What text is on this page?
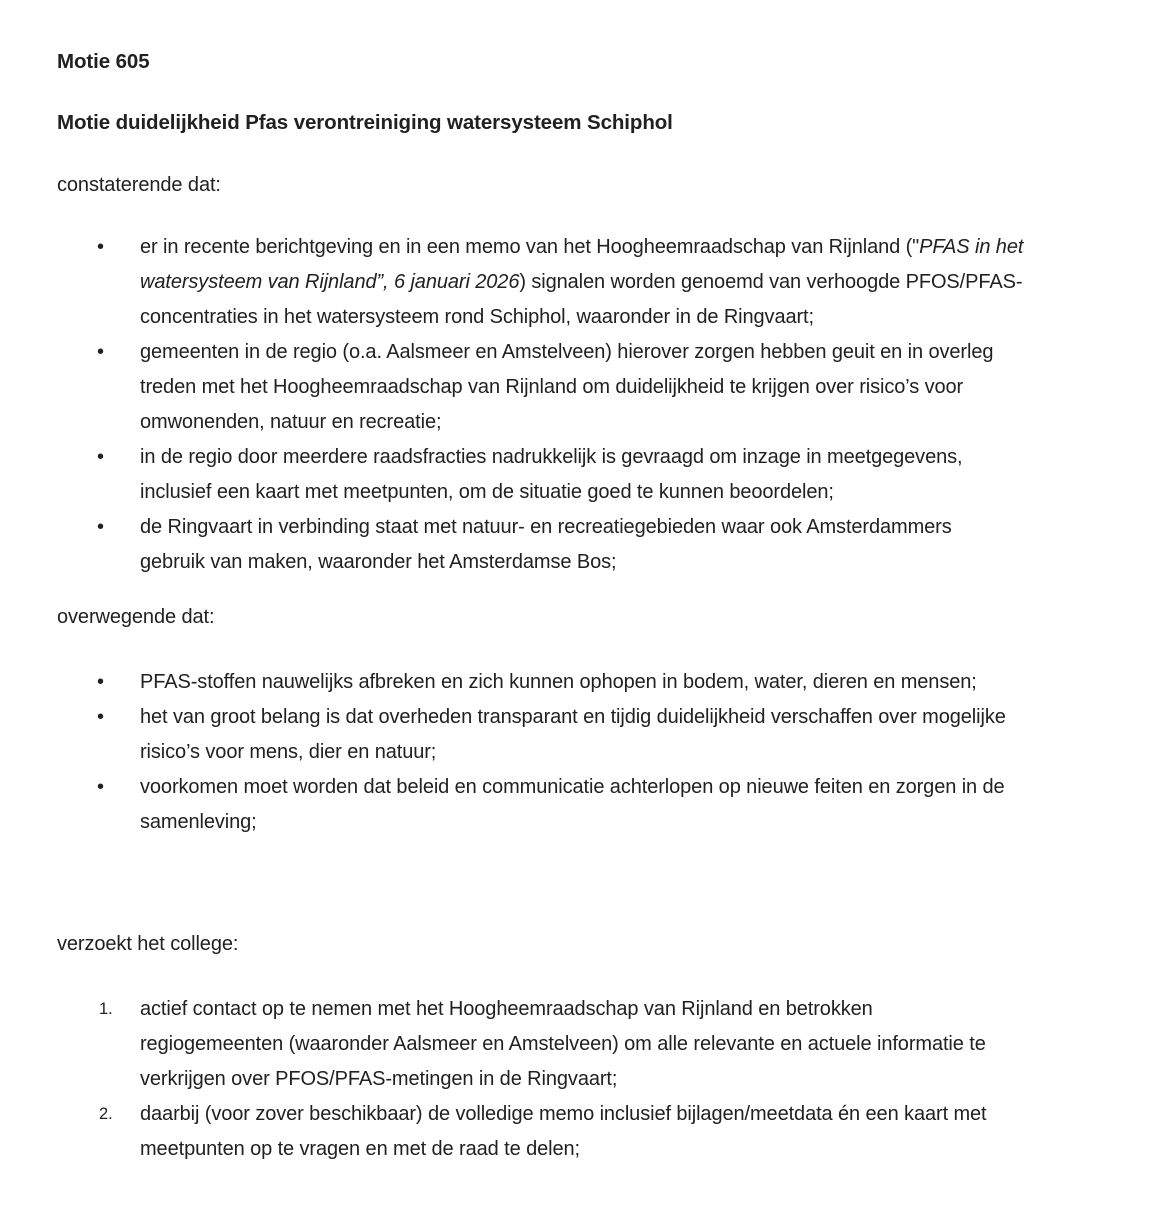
Motie 605
Motie duidelijkheid Pfas verontreiniging watersysteem Schiphol

constaterende dat:

• er in recente berichtgeving en in een memo van het Hoogheemraadschap van Rijnland ("PFAS in het
watersysteem van Rijnland”, 6 januari 2026) signalen worden genoemd van verhoogde PFOS/PFAS-
concentraties in het watersysteem rond Schiphol, waaronder in de Ringvaart;
• gemeenten in de regio (o.a. Aalsmeer en Amstelveen) hierover zorgen hebben geuit en in overleg
treden met het Hoogheemraadschap van Rijnland om duidelijkheid te krijgen over risico’s voor
omwonenden, natuur en recreatie;
• in de regio door meerdere raadsfracties nadrukkelijk is gevraagd om inzage in meetgegevens,
inclusief een kaart met meetpunten, om de situatie goed te kunnen beoordelen;
• de Ringvaart in verbinding staat met natuur- en recreatiegebieden waar ook Amsterdammers
gebruik van maken, waaronder het Amsterdamse Bos;

overwegende dat:

• PFAS-stoffen nauwelijks afbreken en zich kunnen ophopen in bodem, water, dieren en mensen;
• het van groot belang is dat overheden transparant en tijdig duidelijkheid verschaffen over mogelijke
risico’s voor mens, dier en natuur;
• voorkomen moet worden dat beleid en communicatie achterlopen op nieuwe feiten en zorgen in de
samenleving;

verzoekt het college:

1. actief contact op te nemen met het Hoogheemraadschap van Rijnland en betrokken
regiogemeenten (waaronder Aalsmeer en Amstelveen) om alle relevante en actuele informatie te
verkrijgen over PFOS/PFAS-metingen in de Ringvaart;
2. daarbij (voor zover beschikbaar) de volledige memo inclusief bijlagen/meetdata én een kaart met
meetpunten op te vragen en met de raad te delen;
